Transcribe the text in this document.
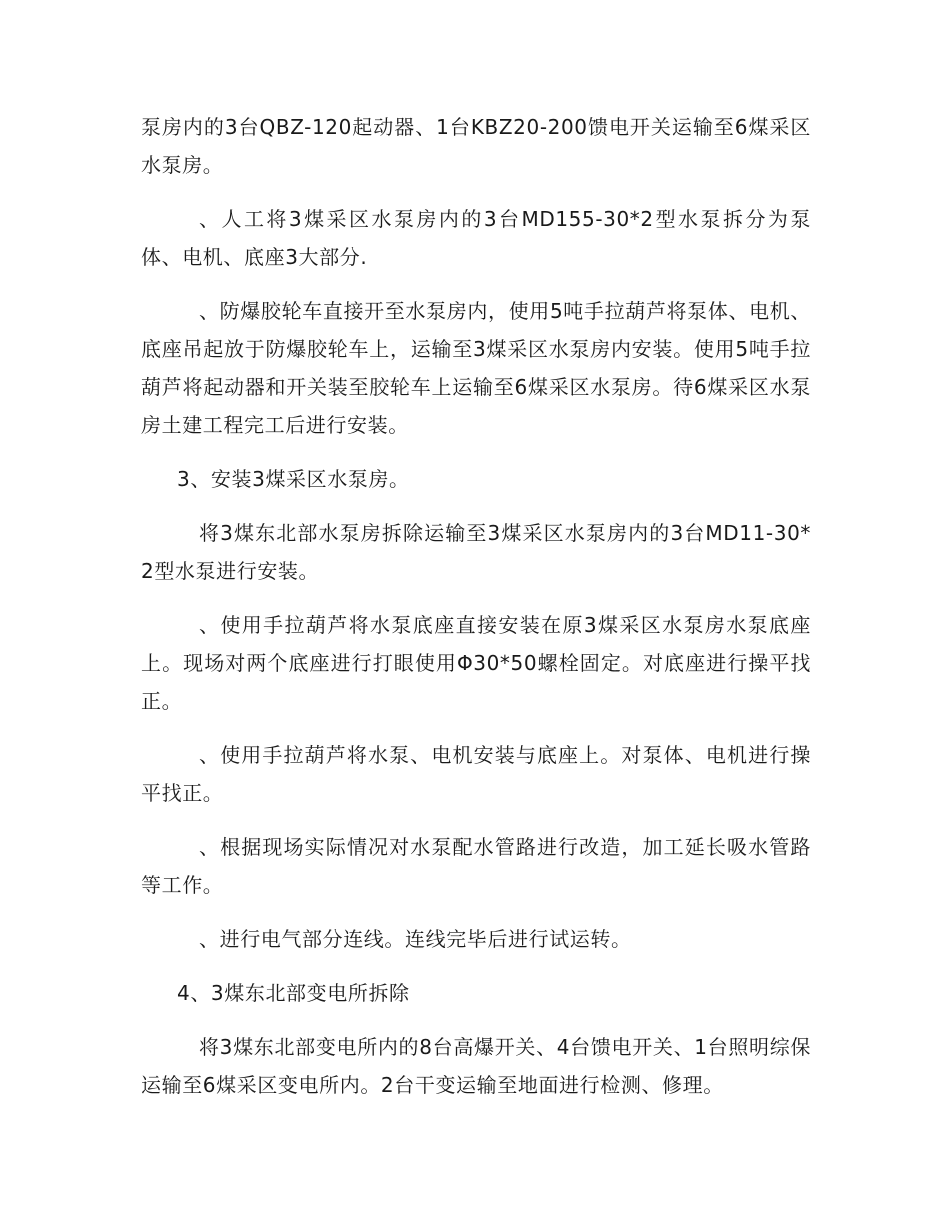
泵房内的3台QBZ-120起动器、1台KBZ20-200馈电开关运输至6煤采区水泵房。

、人工将3煤采区水泵房内的3台MD155-30*2型水泵拆分为泵体、电机、底座3大部分.

、防爆胶轮车直接开至水泵房内，使用5吨手拉葫芦将泵体、电机、底座吊起放于防爆胶轮车上，运输至3煤采区水泵房内安装。使用5吨手拉葫芦将起动器和开关装至胶轮车上运输至6煤采区水泵房。待6煤采区水泵房土建工程完工后进行安装。

3、安装3煤采区水泵房。

将3煤东北部水泵房拆除运输至3煤采区水泵房内的3台MD11-30*2型水泵进行安装。

、使用手拉葫芦将水泵底座直接安装在原3煤采区水泵房水泵底座上。现场对两个底座进行打眼使用Φ30*50螺栓固定。对底座进行操平找正。

、使用手拉葫芦将水泵、电机安装与底座上。对泵体、电机进行操平找正。

、根据现场实际情况对水泵配水管路进行改造，加工延长吸水管路等工作。

、进行电气部分连线。连线完毕后进行试运转。

4、3煤东北部变电所拆除

将3煤东北部变电所内的8台高爆开关、4台馈电开关、1台照明综保运输至6煤采区变电所内。2台干变运输至地面进行检测、修理。
